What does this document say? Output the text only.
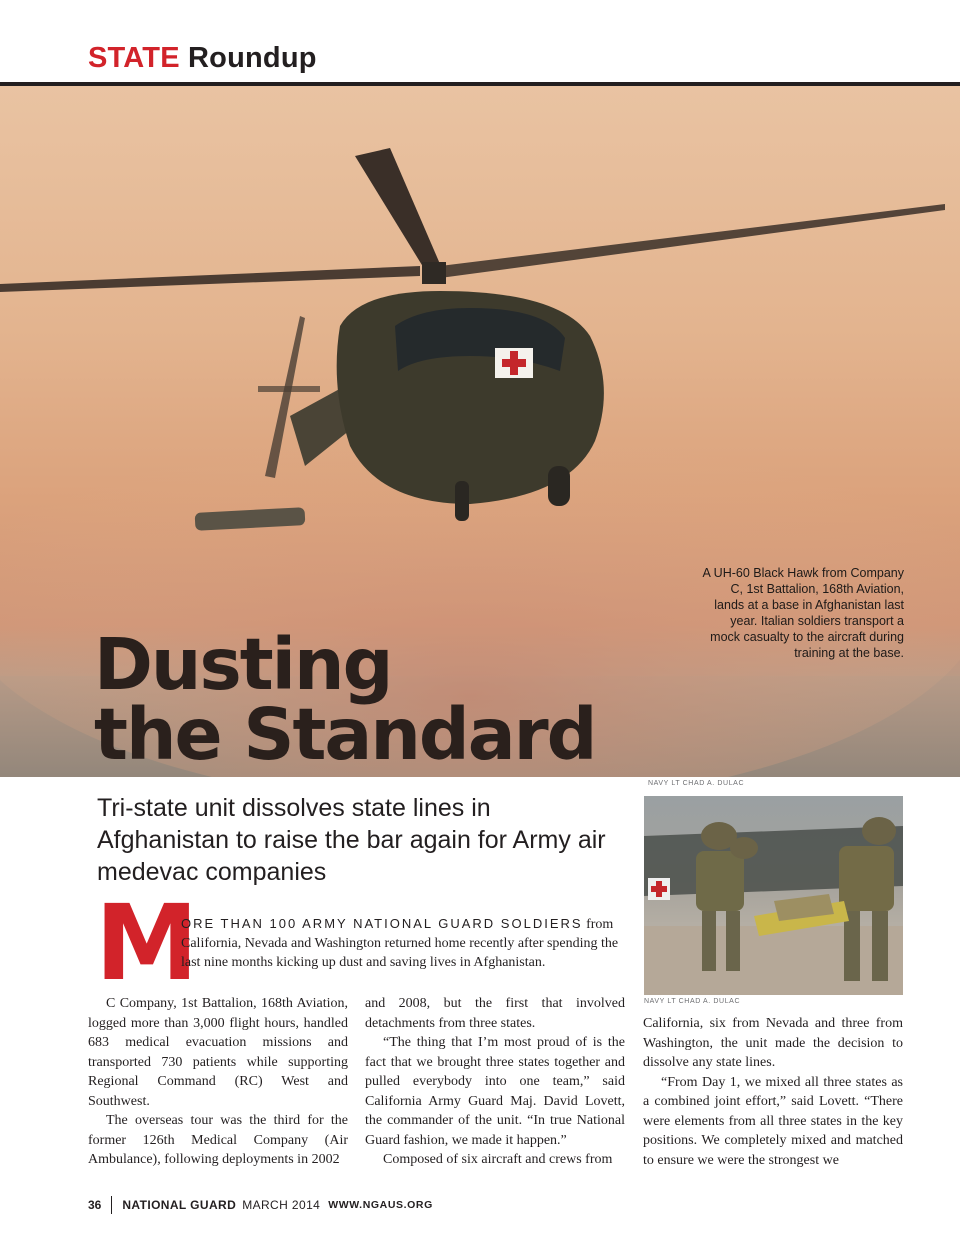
STATE Roundup
Dusting
the Standard
A UH-60 Black Hawk from Company C, 1st Battalion, 168th Aviation, lands at a base in Afghanistan last year. Italian soldiers transport a mock casualty to the aircraft during training at the base.
NAVY LT CHAD A. DULAC
Tri-state unit dissolves state lines in Afghanistan to raise the bar again for Army air medevac companies
NAVY LT CHAD A. DULAC
M
ORE THAN 100 ARMY NATIONAL GUARD SOLDIERS from California, Nevada and Washington returned home recently after spending the last nine months kicking up dust and saving lives in Afghanistan.

C Company, 1st Battalion, 168th Aviation, logged more than 3,000 flight hours, handled 683 medical evacuation missions and transported 730 patients while supporting Regional Command (RC) West and Southwest.

The overseas tour was the third for the former 126th Medical Company (Air Ambulance), following deployments in 2002

and 2008, but the first that involved detachments from three states.

“The thing that I’m most proud of is the fact that we brought three states together and pulled everybody into one team,” said California Army Guard Maj. David Lovett, the commander of the unit. “In true National Guard fashion, we made it happen.”

Composed of six aircraft and crews from

California, six from Nevada and three from Washington, the unit made the decision to dissolve any state lines.

“From Day 1, we mixed all three states as a combined joint effort,” said Lovett. “There were elements from all three states in the key positions. We completely mixed and matched to ensure we were the strongest we

36 NATIONAL GUARD MARCH 2014 WWW.NGAUS.ORG
